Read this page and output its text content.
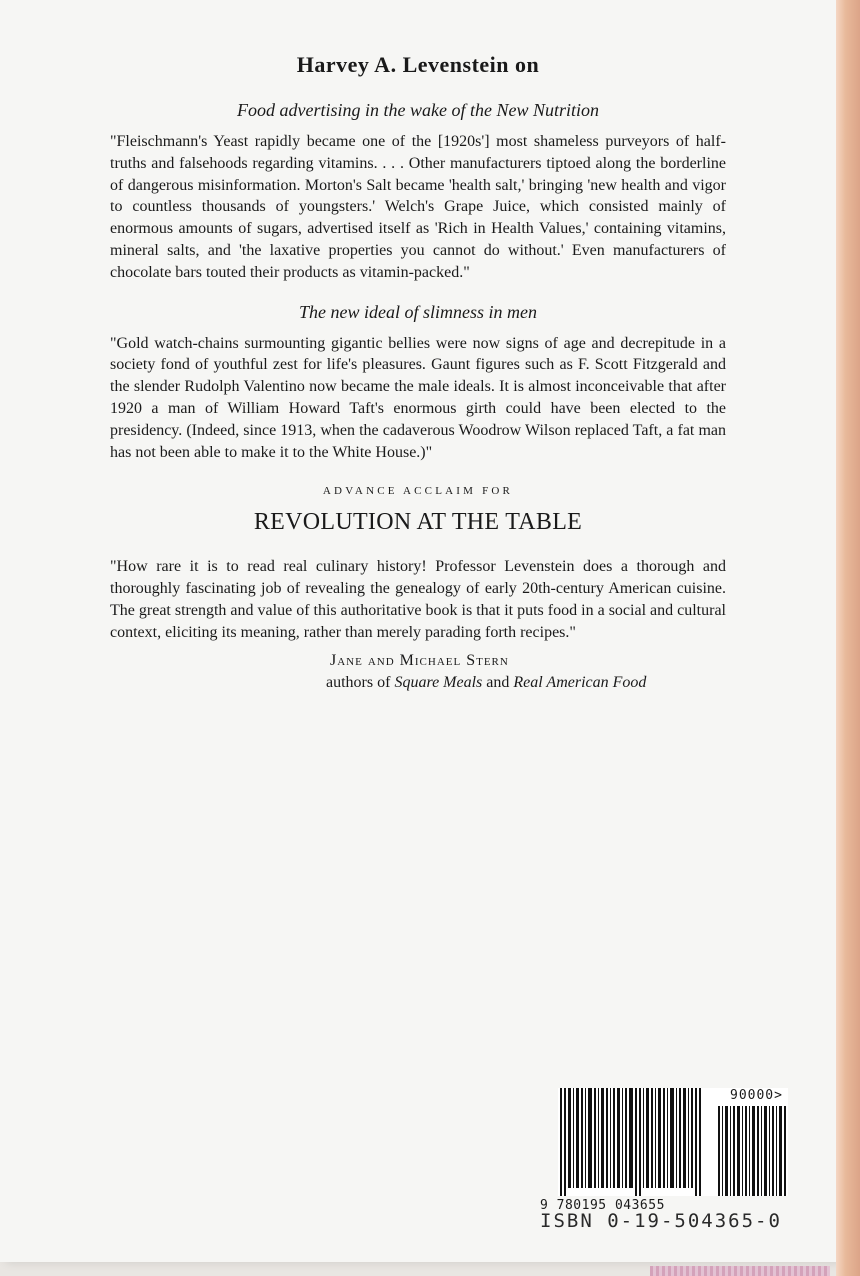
Harvey A. Levenstein on
Food advertising in the wake of the New Nutrition

"Fleischmann's Yeast rapidly became one of the [1920s'] most shameless purveyors of half-truths and falsehoods regarding vitamins. . . . Other manufacturers tiptoed along the borderline of dangerous misinformation. Morton's Salt became 'health salt,' bringing 'new health and vigor to countless thousands of youngsters.' Welch's Grape Juice, which consisted mainly of enormous amounts of sugars, advertised itself as 'Rich in Health Values,' containing vitamins, mineral salts, and 'the laxative properties you cannot do without.' Even manufacturers of chocolate bars touted their products as vitamin-packed."

The new ideal of slimness in men

"Gold watch-chains surmounting gigantic bellies were now signs of age and decrepitude in a society fond of youthful zest for life's pleasures. Gaunt figures such as F. Scott Fitzgerald and the slender Rudolph Valentino now became the male ideals. It is almost inconceivable that after 1920 a man of William Howard Taft's enormous girth could have been elected to the presidency. (Indeed, since 1913, when the cadaverous Woodrow Wilson replaced Taft, a fat man has not been able to make it to the White House.)"

ADVANCE ACCLAIM FOR
REVOLUTION AT THE TABLE

"How rare it is to read real culinary history! Professor Levenstein does a thorough and thoroughly fascinating job of revealing the genealogy of early 20th-century American cuisine. The great strength and value of this authoritative book is that it puts food in a social and cultural context, eliciting its meaning, rather than merely parading forth recipes."

Jane and Michael Stern
authors of Square Meals and Real American Food
90000>
9 780195 043655
ISBN 0-19-504365-0
